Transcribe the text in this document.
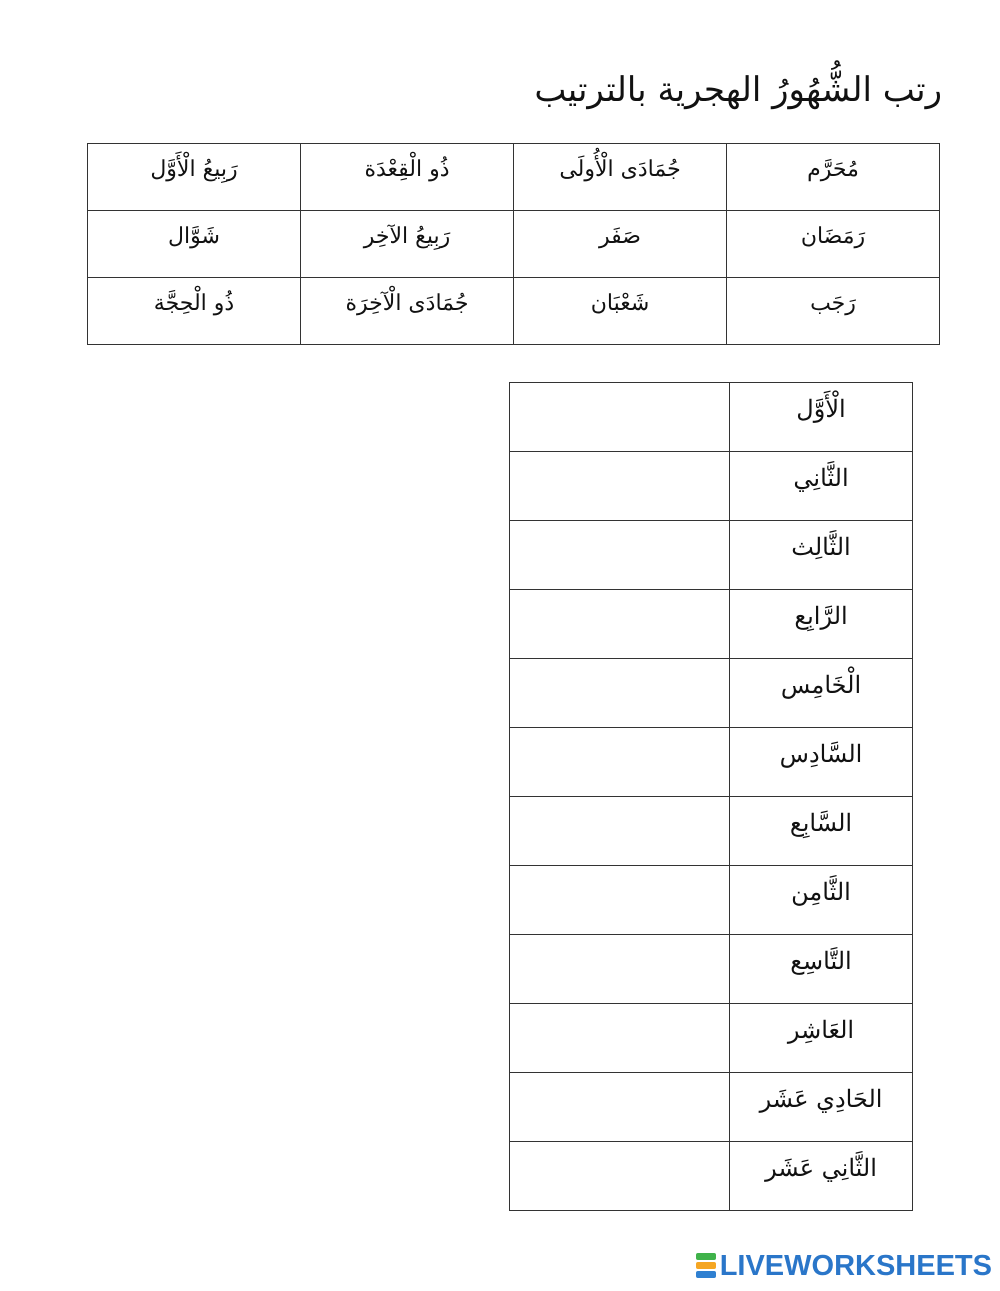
رتب الشُّهُورُ الهجرية بالترتيب
مُحَرَّم	جُمَادَى الْأُولَى	ذُو الْقِعْدَة	رَبِيعُ الْأَوَّل
رَمَضَان	صَفَر	رَبِيعُ الآخِر	شَوَّال
رَجَب	شَعْبَان	جُمَادَى الْآخِرَة	ذُو الْحِجَّة
الْأَوَّل	
الثَّانِي	
الثَّالِث	
الرَّابِع	
الْخَامِس	
السَّادِس	
السَّابِع	
الثَّامِن	
التَّاسِع	
العَاشِر	
الحَادِي عَشَر	
الثَّانِي عَشَر	
LIVEWORKSHEETS
